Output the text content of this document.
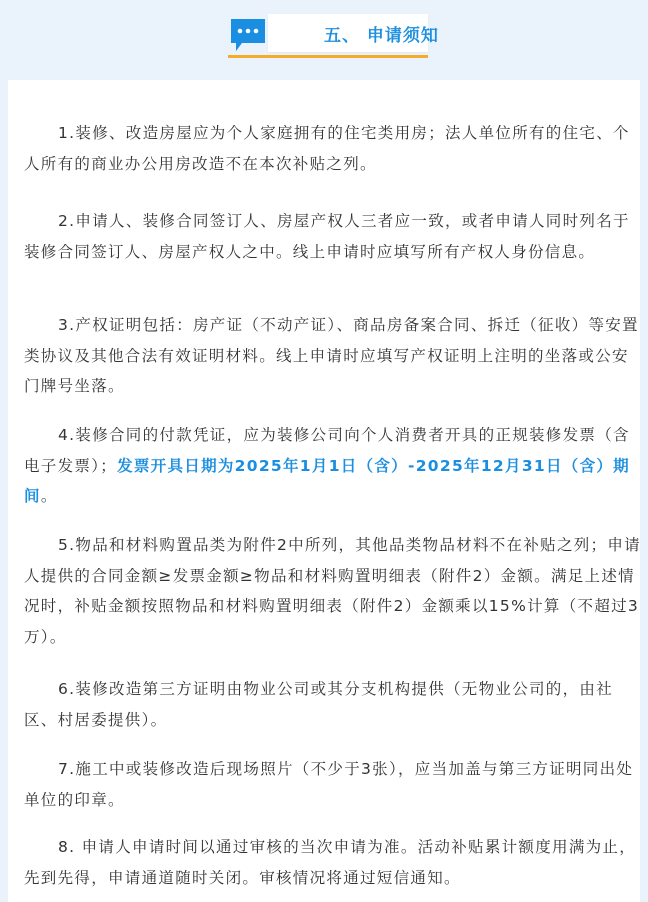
五、 申请须知

1.装修、改造房屋应为个人家庭拥有的住宅类用房；法人单位所有的住宅、个人所有的商业办公用房改造不在本次补贴之列。

2.申请人、装修合同签订人、房屋产权人三者应一致，或者申请人同时列名于装修合同签订人、房屋产权人之中。线上申请时应填写所有产权人身份信息。

3.产权证明包括：房产证（不动产证）、商品房备案合同、拆迁（征收）等安置类协议及其他合法有效证明材料。线上申请时应填写产权证明上注明的坐落或公安门牌号坐落。

4.装修合同的付款凭证，应为装修公司向个人消费者开具的正规装修发票（含电子发票）；发票开具日期为2025年1月1日（含）-2025年12月31日（含）期间。

5.物品和材料购置品类为附件2中所列，其他品类物品材料不在补贴之列；申请人提供的合同金额≥发票金额≥物品和材料购置明细表（附件2）金额。满足上述情况时，补贴金额按照物品和材料购置明细表（附件2）金额乘以15%计算（不超过3万）。

6.装修改造第三方证明由物业公司或其分支机构提供（无物业公司的，由社区、村居委提供）。

7.施工中或装修改造后现场照片（不少于3张），应当加盖与第三方证明同出处单位的印章。

8. 申请人申请时间以通过审核的当次申请为准。活动补贴累计额度用满为止，先到先得，申请通道随时关闭。审核情况将通过短信通知。
